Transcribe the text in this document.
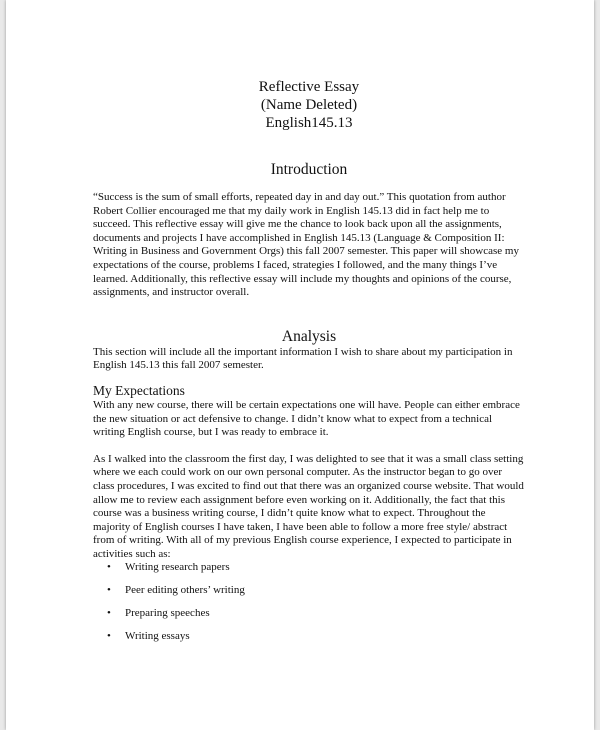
Reflective Essay
(Name Deleted)
English145.13
Introduction

“Success is the sum of small efforts, repeated day in and day out.” This quotation from author Robert Collier encouraged me that my daily work in English 145.13 did in fact help me to succeed. This reflective essay will give me the chance to look back upon all the assignments, documents and projects I have accomplished in English 145.13 (Language & Composition II: Writing in Business and Government Orgs) this fall 2007 semester. This paper will showcase my expectations of the course, problems I faced, strategies I followed, and the many things I’ve learned. Additionally, this reflective essay will include my thoughts and opinions of the course, assignments, and instructor overall.

Analysis

This section will include all the important information I wish to share about my participation in English 145.13 this fall 2007 semester.

My Expectations

With any new course, there will be certain expectations one will have. People can either embrace the new situation or act defensive to change. I didn’t know what to expect from a technical writing English course, but I was ready to embrace it.

As I walked into the classroom the first day, I was delighted to see that it was a small class setting where we each could work on our own personal computer. As the instructor began to go over class procedures, I was excited to find out that there was an organized course website. That would allow me to review each assignment before even working on it. Additionally, the fact that this course was a business writing course, I didn’t quite know what to expect. Throughout the majority of English courses I have taken, I have been able to follow a more free style/ abstract from of writing. With all of my previous English course experience, I expected to participate in activities such as:

• Writing research papers
• Peer editing others’ writing
• Preparing speeches
• Writing essays
